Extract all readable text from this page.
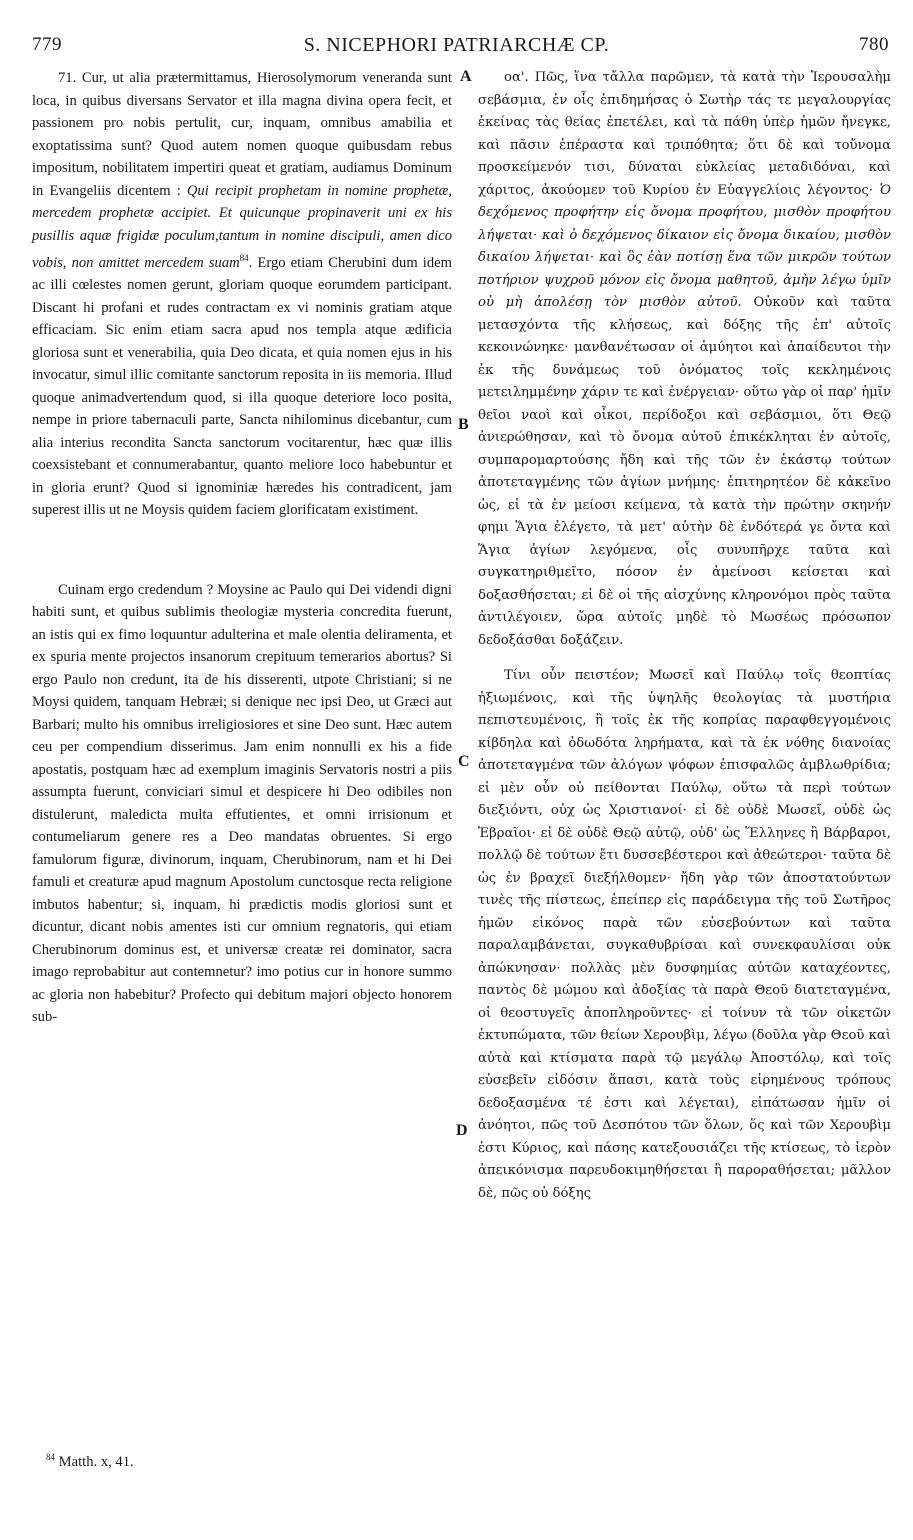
779	S. NICEPHORI PATRIARCHÆ CP.	780
A
B
C
D

71. Cur, ut alia prætermittamus, Hierosolymorum veneranda sunt loca, in quibus diversans Servator et illa magna divina opera fecit, et passionem pro nobis pertulit, cur, inquam, omnibus amabilia et exoptatissima sunt? Quod autem nomen quoque quibusdam rebus impositum, nobilitatem impertiri queat et gratiam, audiamus Dominum in Evangeliis dicentem : Qui recipit prophetam in nomine prophetæ, mercedem prophetæ accipiet. Et quicunque propinaverit uni ex his pusillis aquæ frigidæ poculum,tantum in nomine discipuli, amen dico vobis, non amittet mercedem suam$^{84}$. Ergo etiam Cherubini dum idem ac illi cœlestes nomen gerunt, gloriam quoque eorumdem participant. Discant hi profani et rudes contractam ex vi nominis gratiam atque efficaciam. Sic enim etiam sacra apud nos templa atque ædificia gloriosa sunt et venerabilia, quia Deo dicata, et quia nomen ejus in his invocatur, simul illic comitante sanctorum reposita in iis memoria. Illud quoque animadvertendum quod, si illa quoque deteriore loco posita, nempe in priore tabernaculi parte, Sancta nihilominus dicebantur, cum alia interius recondita Sancta sanctorum vocitarentur, hæc quæ illis coexsistebant et connumerabantur, quanto meliore loco habebuntur et in gloria erunt? Quod si ignominiæ hæredes his contradicent, jam superest illis ut ne Moysis quidem faciem glorificatam existiment.

Cuinam ergo credendum ? Moysine ac Paulo qui Dei videndi digni habiti sunt, et quibus sublimis theologiæ mysteria concredita fuerunt, an istis qui ex fimo loquuntur adulterina et male olentia deliramenta, et ex spuria mente projectos insanorum crepituum temerarios abortus? Si ergo Paulo non credunt, ita de his disserenti, utpote Christiani; si ne Moysi quidem, tanquam Hebræi; si denique nec ipsi Deo, ut Græci aut Barbari; multo his omnibus irreligiosiores et sine Deo sunt. Hæc autem ceu per compendium disserimus. Jam enim nonnulli ex his a fide apostatis, postquam hæc ad exemplum imaginis Servatoris nostri a piis assumpta fuerunt, conviciari simul et despicere hi Deo odibiles non distulerunt, maledicta multa effutientes, et omni irrisionum et contumeliarum genere res a Deo mandatas obruentes. Si ergo famulorum figuræ, divinorum, inquam, Cherubinorum, nam et hi Dei famuli et creaturæ apud magnum Apostolum cunctosque recta religione imbutos habentur; si, inquam, hi prædictis modis gloriosi sunt et dicuntur, dicant nobis amentes isti cur omnium regnatoris, qui etiam Cherubinorum dominus est, et universæ creatæ rei dominator, sacra imago reprobabitur aut contemnetur? imo potius cur in honore summo ac gloria non habebitur? Profecto qui debitum majori objecto honorem sub-

οα'. Πῶς, ἵνα τἄλλα παρῶμεν, τὰ κατὰ τὴν Ἱερουσαλὴμ σεβάσμια, ἐν οἷς ἐπιδημήσας ὁ Σωτὴρ τάς τε μεγαλουργίας ἐκείνας τὰς θείας ἐπετέλει, καὶ τὰ πάθη ὑπὲρ ἡμῶν ἤνεγκε, καὶ πᾶσιν ἐπέραστα καὶ τριπόθητα; ὅτι δὲ καὶ τοὔνομα προσκείμενόν τισι, δύναται εὐκλείας μεταδιδόναι, καὶ χάριτος, ἀκούομεν τοῦ Κυρίου ἐν Εὐαγγελίοις λέγοντος· Ὁ δεχόμενος προφήτην εἰς ὄνομα προφήτου, μισθὸν προφήτου λήψεται· καὶ ὁ δεχόμενος δίκαιον εἰς ὄνομα δικαίου, μισθὸν δικαίου λήψεται· καὶ ὃς ἐὰν ποτίσῃ ἕνα τῶν μικρῶν τούτων ποτήριον ψυχροῦ μόνον εἰς ὄνομα μαθητοῦ, ἀμὴν λέγω ὑμῖν οὐ μὴ ἀπολέσῃ τὸν μισθὸν αὐτοῦ. Οὐκοῦν καὶ ταῦτα μετασχόντα τῆς κλήσεως, καὶ δόξης τῆς ἐπ' αὐτοῖς κεκοινώνηκε· μανθανέτωσαν οἱ ἀμύητοι καὶ ἀπαίδευτοι τὴν ἐκ τῆς δυνάμεως τοῦ ὀνόματος τοῖς κεκλημένοις μετειλημμένην χάριν τε καὶ ἐνέργειαν· οὕτω γὰρ οἱ παρ' ἡμῖν θεῖοι ναοὶ καὶ οἶκοι, περίδοξοι καὶ σεβάσμιοι, ὅτι Θεῷ ἀνιερώθησαν, καὶ τὸ ὄνομα αὐτοῦ ἐπικέκληται ἐν αὐτοῖς, συμπαρομαρτούσης ἤδη καὶ τῆς τῶν ἐν ἑκάστῳ τούτων ἀποτεταγμένης τῶν ἁγίων μνήμης· ἐπιτηρητέον δὲ κἀκεῖνο ὡς, εἰ τὰ ἐν μείοσι κείμενα, τὰ κατὰ τὴν πρώτην σκηνήν φημι Ἅγια ἐλέγετο, τὰ μετ' αὐτὴν δὲ ἐνδότερά γε ὄντα καὶ Ἅγια ἁγίων λεγόμενα, οἷς συνυπῆρχε ταῦτα καὶ συγκατηριθμεῖτο, πόσον ἐν ἀμείνοσι κείσεται καὶ δοξασθήσεται; εἰ δὲ οἱ τῆς αἰσχύνης κληρονόμοι πρὸς ταῦτα ἀντιλέγοιεν, ὥρα αὐτοῖς μηδὲ τὸ Μωσέως πρόσωπον δεδοξάσθαι δοξάζειν.

Τίνι οὖν πειστέον; Μωσεῖ καὶ Παύλῳ τοῖς θεοπτίας ἠξιωμένοις, καὶ τῆς ὑψηλῆς θεολογίας τὰ μυστήρια πεπιστευμένοις, ἢ τοῖς ἐκ τῆς κοπρίας παραφθεγγομένοις κίβδηλα καὶ ὀδωδότα ληρήματα, καὶ τὰ ἐκ νόθης διανοίας ἀποτεταγμένα τῶν ἀλόγων ψόφων ἐπισφαλῶς ἀμβλωθρίδια; εἰ μὲν οὖν οὐ πείθονται Παύλῳ, οὕτω τὰ περὶ τούτων διεξιόντι, οὐχ ὡς Χριστιανοί· εἰ δὲ οὐδὲ Μωσεῖ, οὐδὲ ὡς Ἑβραῖοι· εἰ δὲ οὐδὲ Θεῷ αὐτῷ, οὐδ' ὡς Ἕλληνες ἢ Βάρβαροι, πολλῷ δὲ τούτων ἔτι δυσσεβέστεροι καὶ ἀθεώτεροι· ταῦτα δὲ ὡς ἐν βραχεῖ διεξήλθομεν· ἤδη γὰρ τῶν ἀποστατούντων τινὲς τῆς πίστεως, ἐπείπερ εἰς παράδειγμα τῆς τοῦ Σωτῆρος ἡμῶν εἰκόνος παρὰ τῶν εὐσεβούντων καὶ ταῦτα παραλαμβάνεται, συγκαθυβρίσαι καὶ συνεκφαυλίσαι οὐκ ἀπώκνησαν· πολλὰς μὲν δυσφημίας αὐτῶν καταχέοντες, παντὸς δὲ μώμου καὶ ἀδοξίας τὰ παρὰ Θεοῦ διατεταγμένα, οἱ θεοστυγεῖς ἀποπληροῦντες· εἰ τοίνυν τὰ τῶν οἰκετῶν ἐκτυπώματα, τῶν θείων Χερουβὶμ, λέγω (δοῦλα γὰρ Θεοῦ καὶ αὐτὰ καὶ κτίσματα παρὰ τῷ μεγάλῳ Ἀποστόλῳ, καὶ τοῖς εὐσεβεῖν εἰδόσιν ἅπασι, κατὰ τοὺς εἰρημένους τρόπους δεδοξασμένα τέ ἐστι καὶ λέγεται), εἰπάτωσαν ἡμῖν οἱ ἀνόητοι, πῶς τοῦ Δεσπότου τῶν ὅλων, ὅς καὶ τῶν Χερουβὶμ ἐστι Κύριος, καὶ πάσης κατεξουσιάζει τῆς κτίσεως, τὸ ἱερὸν ἀπεικόνισμα παρευδοκιμηθήσεται ἢ παροραθήσεται; μᾶλλον δὲ, πῶς οὐ δόξης

$^{84}$ Matth. x, 41.
